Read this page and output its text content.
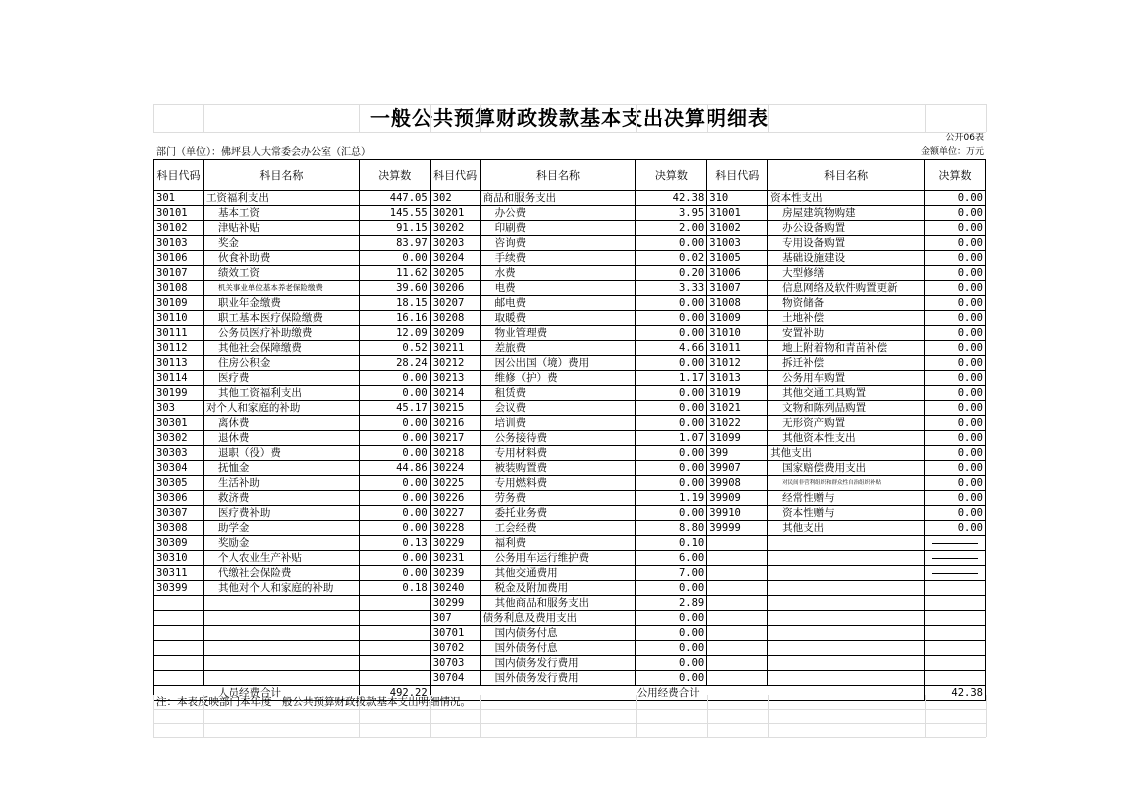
一般公共预算财政拨款基本支出决算明细表
公开06表
部门（单位）：佛坪县人大常委会办公室（汇总）	金额单位：万元
科目代码	科目名称	决算数	科目代码	科目名称	决算数	科目代码	科目名称	决算数
301	工资福利支出	447.05	302	商品和服务支出	42.38	310	资本性支出	0.00
30101	基本工资	145.55	30201	办公费	3.95	31001	房屋建筑物购建	0.00
30102	津贴补贴	91.15	30202	印刷费	2.00	31002	办公设备购置	0.00
30103	奖金	83.97	30203	咨询费	0.00	31003	专用设备购置	0.00
30106	伙食补助费	0.00	30204	手续费	0.02	31005	基础设施建设	0.00
30107	绩效工资	11.62	30205	水费	0.20	31006	大型修缮	0.00
30108	机关事业单位基本养老保险缴费	39.60	30206	电费	3.33	31007	信息网络及软件购置更新	0.00
30109	职业年金缴费	18.15	30207	邮电费	0.00	31008	物资储备	0.00
30110	职工基本医疗保险缴费	16.16	30208	取暖费	0.00	31009	土地补偿	0.00
30111	公务员医疗补助缴费	12.09	30209	物业管理费	0.00	31010	安置补助	0.00
30112	其他社会保障缴费	0.52	30211	差旅费	4.66	31011	地上附着物和青苗补偿	0.00
30113	住房公积金	28.24	30212	因公出国（境）费用	0.00	31012	拆迁补偿	0.00
30114	医疗费	0.00	30213	维修（护）费	1.17	31013	公务用车购置	0.00
30199	其他工资福利支出	0.00	30214	租赁费	0.00	31019	其他交通工具购置	0.00
303	对个人和家庭的补助	45.17	30215	会议费	0.00	31021	文物和陈列品购置	0.00
30301	离休费	0.00	30216	培训费	0.00	31022	无形资产购置	0.00
30302	退休费	0.00	30217	公务接待费	1.07	31099	其他资本性支出	0.00
30303	退职（役）费	0.00	30218	专用材料费	0.00	399	其他支出	0.00
30304	抚恤金	44.86	30224	被装购置费	0.00	39907	国家赔偿费用支出	0.00
30305	生活补助	0.00	30225	专用燃料费	0.00	39908	对民间非营利组织和群众性自治组织补贴	0.00
30306	救济费	0.00	30226	劳务费	1.19	39909	经常性赠与	0.00
30307	医疗费补助	0.00	30227	委托业务费	0.00	39910	资本性赠与	0.00
30308	助学金	0.00	30228	工会经费	8.80	39999	其他支出	0.00
30309	奖励金	0.13	30229	福利费	0.10			

30310	个人农业生产补贴	0.00	30231	公务用车运行维护费	6.00			

30311	代缴社会保险费	0.00	30239	其他交通费用	7.00			

30399	其他对个人和家庭的补助	0.18	30240	税金及附加费用	0.00			
			30299	其他商品和服务支出	2.89			
			307	债务利息及费用支出	0.00			
			30701	国内债务付息	0.00			
			30702	国外债务付息	0.00			
			30703	国内债务发行费用	0.00			
			30704	国外债务发行费用	0.00			
人员经费合计		492.22	公用经费合计					42.38
注：本表反映部门本年度一般公共预算财政拨款基本支出明细情况。
